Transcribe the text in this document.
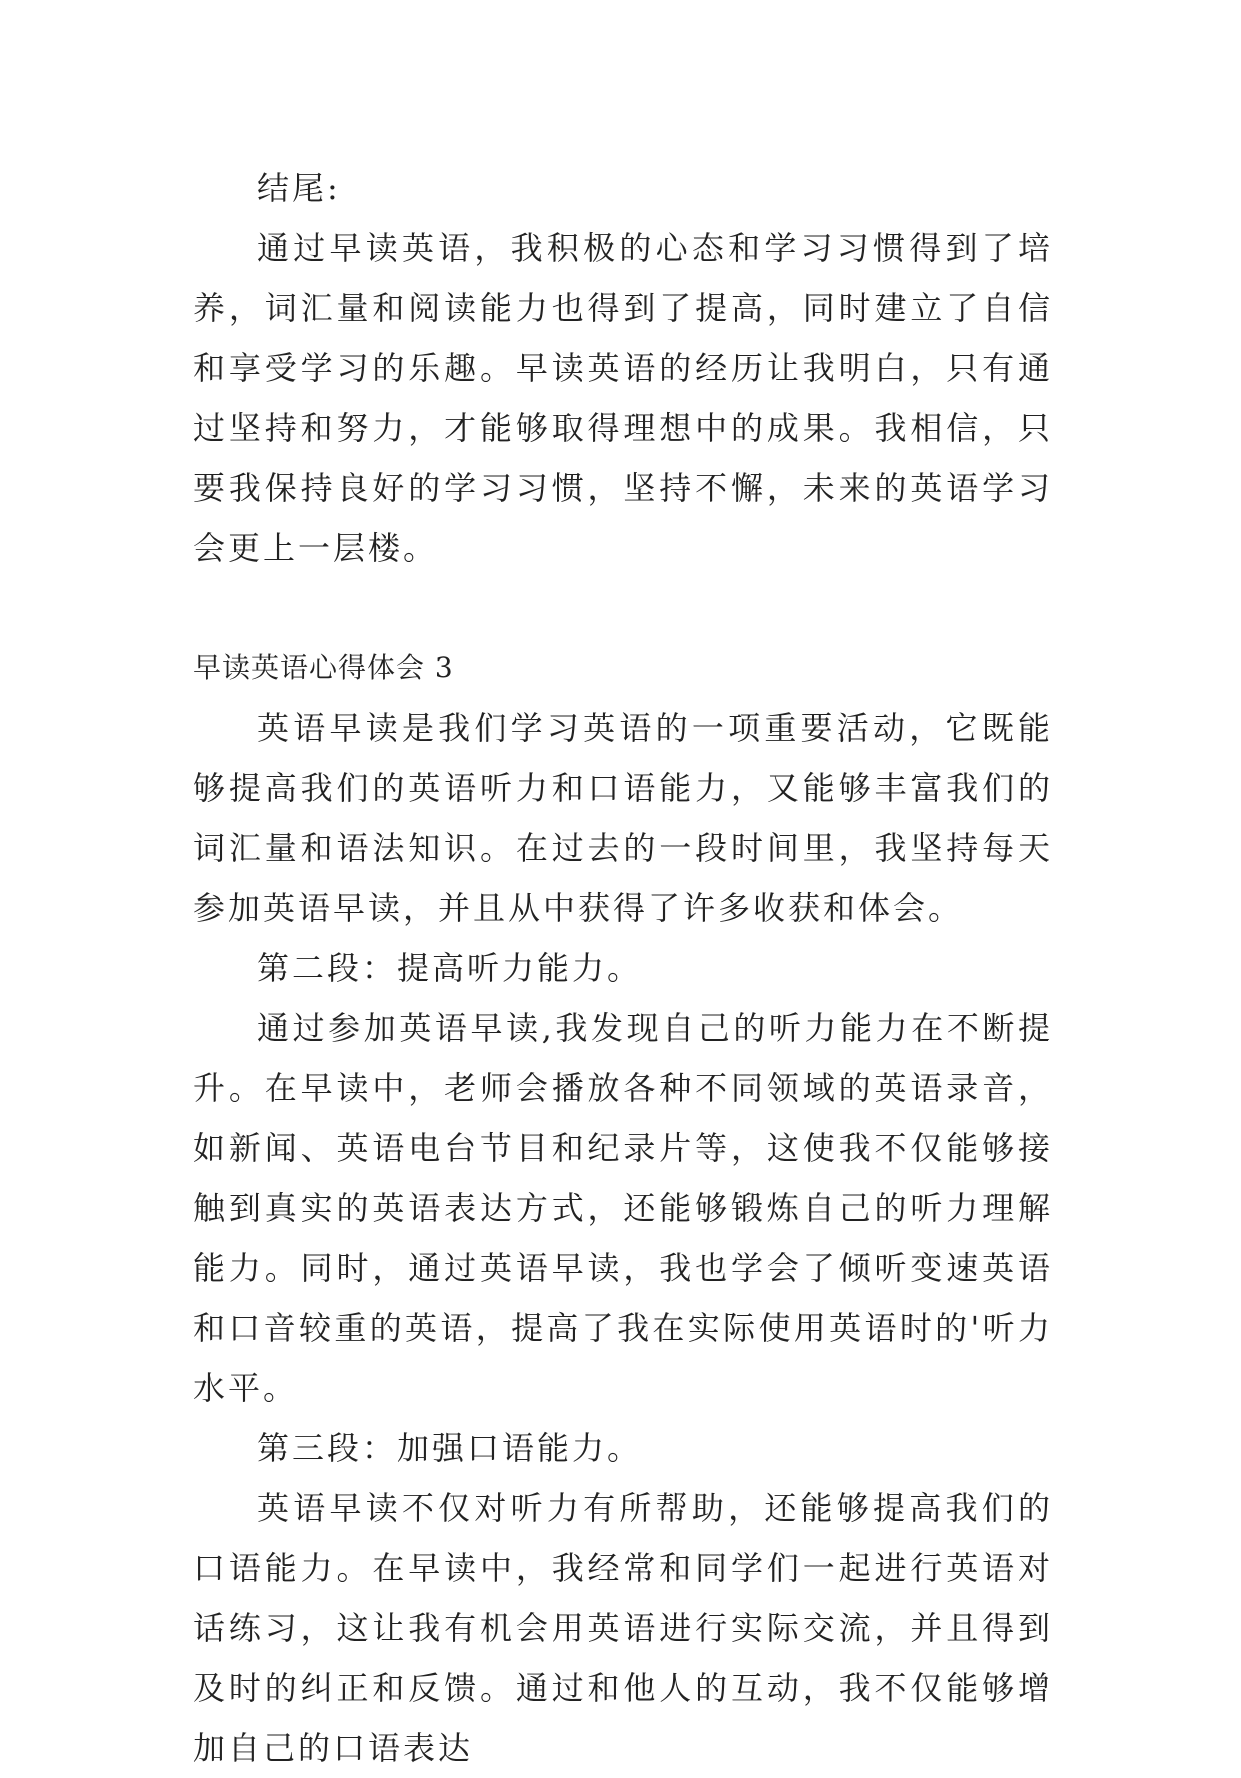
结尾:

通过早读英语，我积极的心态和学习习惯得到了培养，词汇量和阅读能力也得到了提高，同时建立了自信和享受学习的乐趣。早读英语的经历让我明白，只有通过坚持和努力，才能够取得理想中的成果。我相信，只要我保持良好的学习习惯，坚持不懈，未来的英语学习会更上一层楼。

早读英语心得体会 3

英语早读是我们学习英语的一项重要活动，它既能够提高我们的英语听力和口语能力，又能够丰富我们的词汇量和语法知识。在过去的一段时间里，我坚持每天参加英语早读，并且从中获得了许多收获和体会。

第二段：提高听力能力。

通过参加英语早读,我发现自己的听力能力在不断提升。在早读中，老师会播放各种不同领域的英语录音，如新闻、英语电台节目和纪录片等，这使我不仅能够接触到真实的英语表达方式，还能够锻炼自己的听力理解能力。同时，通过英语早读，我也学会了倾听变速英语和口音较重的英语，提高了我在实际使用英语时的'听力水平。

第三段：加强口语能力。

英语早读不仅对听力有所帮助，还能够提高我们的口语能力。在早读中，我经常和同学们一起进行英语对话练习，这让我有机会用英语进行实际交流，并且得到及时的纠正和反馈。通过和他人的互动，我不仅能够增加自己的口语表达
